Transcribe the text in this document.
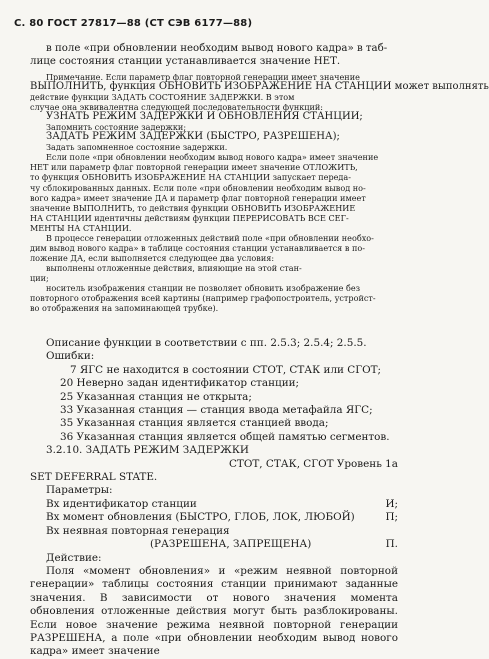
С. 80 ГОСТ 27817—88 (СТ СЭВ 6177—88)
в поле «при обновлении необходим вывод нового кадра» в таб-
лице состояния станции устанавливается значение НЕТ.
Примечание. Если параметр флаг повторной генерации имеет значение
ВЫПОЛНИТЬ, функция ОБНОВИТЬ ИЗОБРАЖЕНИЕ НА СТАНЦИИ может выполнять
действие функции ЗАДАТЬ СОСТОЯНИЕ ЗАДЕРЖКИ. В этом
случае она эквивалентна следующей последовательности функций:
УЗНАТЬ РЕЖИМ ЗАДЕРЖКИ И ОБНОВЛЕНИЯ СТАНЦИИ;
Запомнить состояние задержки;
ЗАДАТЬ РЕЖИМ ЗАДЕРЖКИ (БЫСТРО, РАЗРЕШЕНА);
Задать запомненное состояние задержки.
Если поле «при обновлении необходим вывод нового кадра» имеет значение
НЕТ или параметр флаг повторной генерации имеет значение ОТЛОЖИТЬ,
то функция ОБНОВИТЬ ИЗОБРАЖЕНИЕ НА СТАНЦИИ запускает переда-
чу сблокированных данных. Если поле «при обновлении необходим вывод но-
вого кадра» имеет значение ДА и параметр флаг повторной генерации имеет
значение ВЫПОЛНИТЬ, то действия функции ОБНОВИТЬ ИЗОБРАЖЕНИЕ
НА СТАНЦИИ идентичны действиям функции ПЕРЕРИСОВАТЬ ВСЕ СЕГ-
МЕНТЫ НА СТАНЦИИ.
В процессе генерации отложенных действий поле «при обновлении необхо-
дим вывод нового кадра» в таблице состояния станции устанавливается в по-
ложение ДА, если выполняется следующее два условия:
выполнены отложенные действия, влияющие на этой стан-
ции;
носитель изображения станции не позволяет обновить изображение без
повторного отображения всей картины (например графопостроитель, устройст-
во отображения на запоминающей трубке).
Описание функции в соответствии с пп. 2.5.3; 2.5.4; 2.5.5.
Ошибки:
7 ЯГС не находится в состоянии СТОТ, СТАК или СГОТ;
20 Неверно задан идентификатор станции;
25 Указанная станция не открыта;
33 Указанная станция — станция ввода метафайла ЯГС;
35 Указанная станция является станцией ввода;
36 Указанная станция является общей памятью сегментов.
3.2.10. ЗАДАТЬ РЕЖИМ ЗАДЕРЖКИ
СТОТ, СТАК, СГОТ Уровень 1а
SET DEFERRAL STATE.
Параметры:
Вх идентификатор станции	И;
Вх момент обновления (БЫСТРО, ГЛОБ, ЛОК, ЛЮБОЙ)	П;
Вх неявная повторная генерация
(РАЗРЕШЕНА, ЗАПРЕЩЕНА)	П.
Действие:
Поля «момент обновления» и «режим неявной повторной генерации» таблицы состояния станции принимают заданные значения. В зависимости от нового значения момента обновления отложенные действия могут быть разблокированы. Если новое значение режима неявной повторной генерации РАЗРЕШЕНА, а поле «при обновлении необходим вывод нового кадра» имеет значение
